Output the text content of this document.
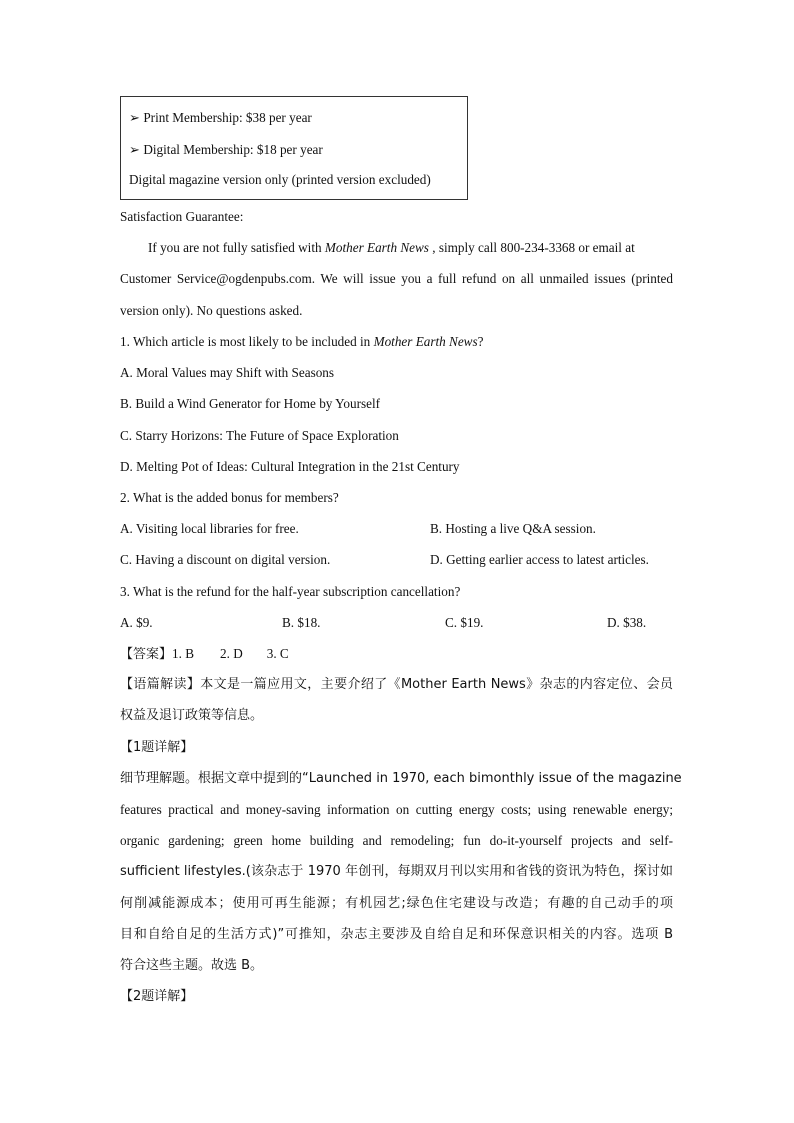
➢ Print Membership: $38 per year
➢ Digital Membership: $18 per year
Digital magazine version only (printed version excluded)
Satisfaction Guarantee:
If you are not fully satisfied with Mother Earth News , simply call 800-234-3368 or email at
Customer Service@ogdenpubs.com. We will issue you a full refund on all unmailed issues (printed
version only). No questions asked.
1. Which article is most likely to be included in Mother Earth News?
A. Moral Values may Shift with Seasons
B. Build a Wind Generator for Home by Yourself
C. Starry Horizons: The Future of Space Exploration
D. Melting Pot of Ideas: Cultural Integration in the 21st Century
2. What is the added bonus for members?
A. Visiting local libraries for free.	B. Hosting a live Q&A session.
C. Having a discount on digital version.	D. Getting earlier access to latest articles.
3. What is the refund for the half-year subscription cancellation?
A. $9.	B. $18.	C. $19.	D. $38.
【答案】1. B 2. D 3. C
【语篇解读】本文是一篇应用文，主要介绍了《Mother Earth News》杂志的内容定位、会员
权益及退订政策等信息。
【1题详解】
细节理解题。根据文章中提到的“Launched in 1970, each bimonthly issue of the magazine
features practical and money-saving information on cutting energy costs; using renewable energy;
organic gardening; green home building and remodeling; fun do-it-yourself projects and self-
sufficient lifestyles.(该杂志于 1970 年创刊，每期双月刊以实用和省钱的资讯为特色，探讨如
何削减能源成本；使用可再生能源；有机园艺;绿色住宅建设与改造；有趣的自己动手的项
目和自给自足的生活方式)”可推知，杂志主要涉及自给自足和环保意识相关的内容。选项 B
符合这些主题。故选 B。
【2题详解】
